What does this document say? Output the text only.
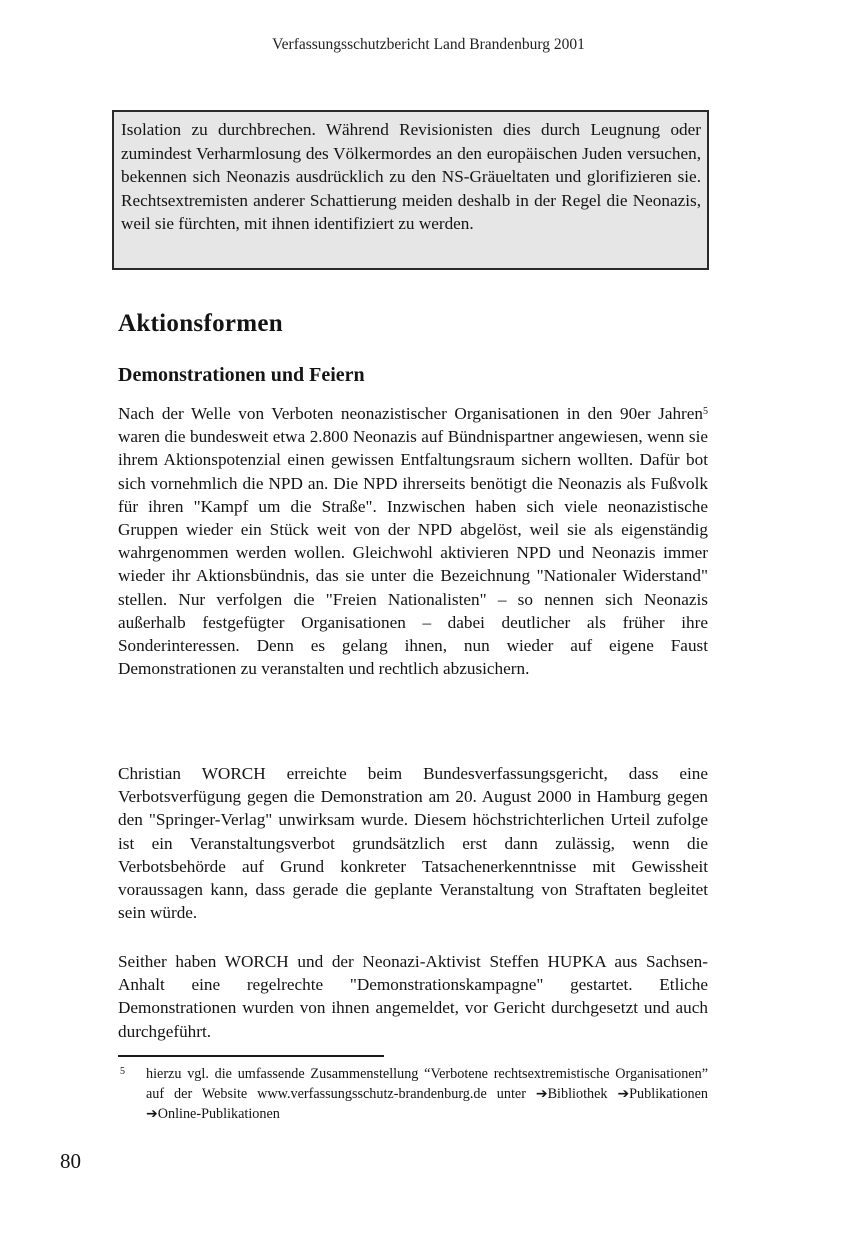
Verfassungsschutzbericht Land Brandenburg 2001
Isolation zu durchbrechen. Während Revisionisten dies durch Leugnung oder zumindest Verharmlosung des Völkermordes an den europäischen Juden versuchen, bekennen sich Neonazis ausdrücklich zu den NS-Gräueltaten und glorifizieren sie. Rechtsextremisten anderer Schattierung meiden deshalb in der Regel die Neonazis, weil sie fürchten, mit ihnen identifiziert zu werden.
Aktionsformen
Demonstrationen und Feiern

Nach der Welle von Verboten neonazistischer Organisationen in den 90er Jahren$^5$ waren die bundesweit etwa 2.800 Neonazis auf Bündnispartner angewiesen, wenn sie ihrem Aktionspotenzial einen gewissen Entfaltungsraum sichern wollten. Dafür bot sich vornehmlich die NPD an. Die NPD ihrerseits benötigt die Neonazis als Fußvolk für ihren "Kampf um die Straße". Inzwischen haben sich viele neonazistische Gruppen wieder ein Stück weit von der NPD abgelöst, weil sie als eigenständig wahrgenommen werden wollen. Gleichwohl aktivieren NPD und Neonazis immer wieder ihr Aktionsbündnis, das sie unter die Bezeichnung "Nationaler Widerstand" stellen. Nur verfolgen die "Freien Nationalisten" – so nennen sich Neonazis außerhalb festgefügter Organisationen – dabei deutlicher als früher ihre Sonderinteressen. Denn es gelang ihnen, nun wieder auf eigene Faust Demonstrationen zu veranstalten und rechtlich abzusichern.

Christian WORCH erreichte beim Bundesverfassungsgericht, dass eine Verbotsverfügung gegen die Demonstration am 20. August 2000 in Hamburg gegen den "Springer-Verlag" unwirksam wurde. Diesem höchstrichterlichen Urteil zufolge ist ein Veranstaltungsverbot grundsätzlich erst dann zulässig, wenn die Verbotsbehörde auf Grund konkreter Tatsachenerkenntnisse mit Gewissheit voraussagen kann, dass gerade die geplante Veranstaltung von Straftaten begleitet sein würde.

Seither haben WORCH und der Neonazi-Aktivist Steffen HUPKA aus Sachsen-Anhalt eine regelrechte "Demonstrationskampagne" gestartet. Etliche Demonstrationen wurden von ihnen angemeldet, vor Gericht durchgesetzt und auch durchgeführt.

5 hierzu vgl. die umfassende Zusammenstellung “Verbotene rechtsextremistische Organisationen” auf der Website www.verfassungsschutz-brandenburg.de unter ➔Bibliothek ➔Publikationen ➔Online-Publikationen
80
